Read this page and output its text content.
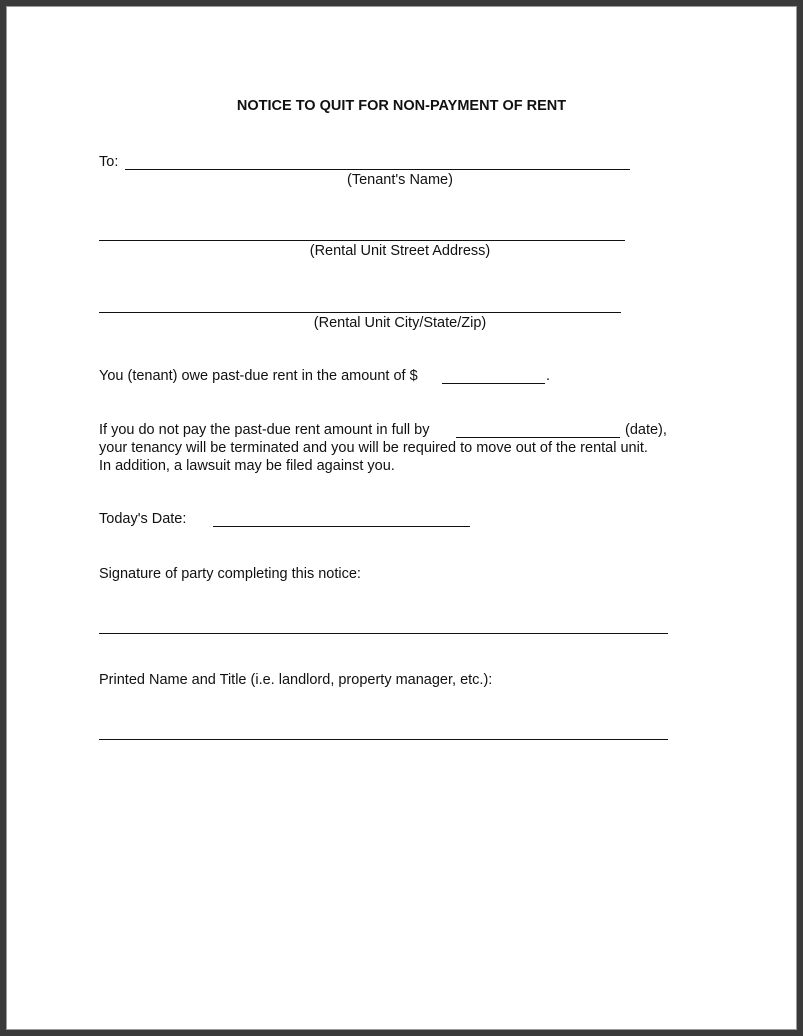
NOTICE TO QUIT FOR NON-PAYMENT OF RENT
To:
(Tenant's Name)
(Rental Unit Street Address)
(Rental Unit City/State/Zip)
You (tenant) owe past-due rent in the amount of $	.
If you do not pay the past-due rent amount in full by	(date),
your tenancy will be terminated and you will be required to move out of the rental unit.
In addition, a lawsuit may be filed against you.
Today's Date:
Signature of party completing this notice:
Printed Name and Title (i.e. landlord, property manager, etc.):
